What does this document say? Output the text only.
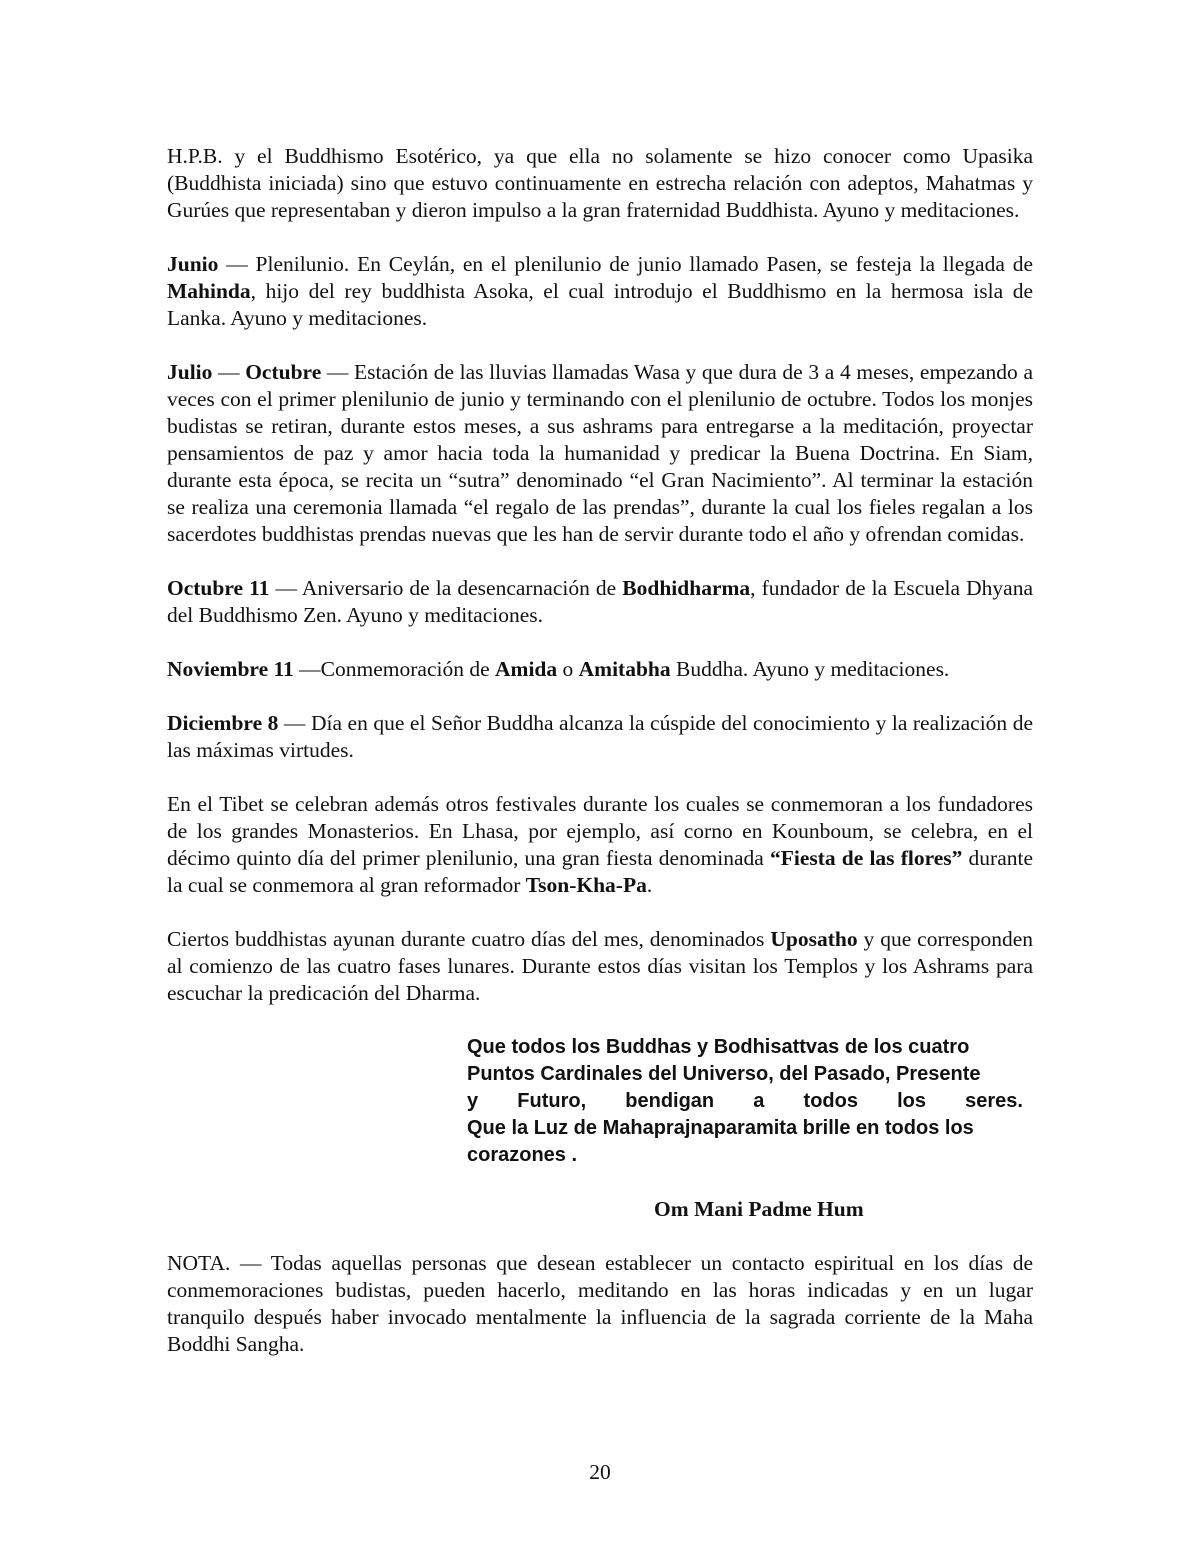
H.P.B. y el Buddhismo Esotérico, ya que ella no solamente se hizo conocer como Upasika (Buddhista iniciada) sino que estuvo continuamente en estrecha relación con adeptos, Mahatmas y Gurúes que representaban y dieron impulso a la gran fraternidad Buddhista. Ayuno y meditaciones.

Junio — Plenilunio. En Ceylán, en el plenilunio de junio llamado Pasen, se festeja la llegada de Mahinda, hijo del rey buddhista Asoka, el cual introdujo el Buddhismo en la hermosa isla de Lanka. Ayuno y meditaciones.

Julio — Octubre — Estación de las lluvias llamadas Wasa y que dura de 3 a 4 meses, empezando a veces con el primer plenilunio de junio y terminando con el plenilunio de octubre. Todos los monjes budistas se retiran, durante estos meses, a sus ashrams para entregarse a la meditación, proyectar pensamientos de paz y amor hacia toda la humanidad y predicar la Buena Doctrina. En Siam, durante esta época, se recita un “sutra” denominado “el Gran Nacimiento”. Al terminar la estación se realiza una ceremonia llamada “el regalo de las prendas”, durante la cual los fieles regalan a los sacerdotes buddhistas prendas nuevas que les han de servir durante todo el año y ofrendan comidas.

Octubre 11 — Aniversario de la desencarnación de Bodhidharma, fundador de la Escuela Dhyana del Buddhismo Zen. Ayuno y meditaciones.

Noviembre 11 —Conmemoración de Amida o Amitabha Buddha. Ayuno y meditaciones.

Diciembre 8 — Día en que el Señor Buddha alcanza la cúspide del conocimiento y la realización de las máximas virtudes.

En el Tibet se celebran además otros festivales durante los cuales se conmemoran a los fundadores de los grandes Monasterios. En Lhasa, por ejemplo, así corno en Kounboum, se celebra, en el décimo quinto día del primer plenilunio, una gran fiesta denominada “Fiesta de las flores” durante la cual se conmemora al gran reformador Tson-Kha-Pa.

Ciertos buddhistas ayunan durante cuatro días del mes, denominados Uposatho y que corresponden al comienzo de las cuatro fases lunares. Durante estos días visitan los Templos y los Ashrams para escuchar la predicación del Dharma.

Que todos los Buddhas y Bodhisattvas de los cuatro
Puntos Cardinales del Universo, del Pasado, Presente
y Futuro, bendigan a todos los seres.
Que la Luz de Mahaprajnaparamita brille en todos los
corazones .
Om Mani Padme Hum

NOTA. — Todas aquellas personas que desean establecer un contacto espiritual en los días de conmemoraciones budistas, pueden hacerlo, meditando en las horas indicadas y en un lugar tranquilo después haber invocado mentalmente la influencia de la sagrada corriente de la Maha Boddhi Sangha.

20
